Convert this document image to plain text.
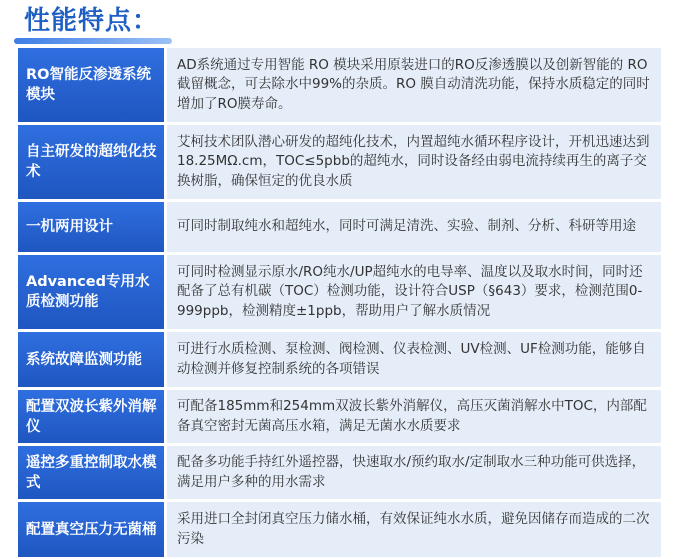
性能特点：
RO智能反渗透系统模块
AD系统通过专用智能 RO 模块采用原装进口的RO反渗透膜以及创新智能的 RO 截留概念，可去除水中99%的杂质。RO 膜自动清洗功能，保持水质稳定的同时增加了RO膜寿命。
自主研发的超纯化技术
艾柯技术团队潜心研发的超纯化技术，内置超纯水循环程序设计，开机迅速达到18.25MΩ.cm，TOC≤5pbb的超纯水，同时设备经由弱电流持续再生的离子交换树脂，确保恒定的优良水质
一机两用设计	可同时制取纯水和超纯水，同时可满足清洗、实验、制剂、分析、科研等用途
Advanced专用水质检测功能
可同时检测显示原水/RO纯水/UP超纯水的电导率、温度以及取水时间，同时还配备了总有机碳（TOC）检测功能，设计符合USP（§643）要求，检测范围0-999ppb，检测精度±1ppb，帮助用户了解水质情况
系统故障监测功能
可进行水质检测、泵检测、阀检测、仪表检测、UV检测、UF检测功能，能够自动检测并修复控制系统的各项错误
配置双波长紫外消解仪
可配备185mm和254mm双波长紫外消解仪，高压灭菌消解水中TOC，内部配备真空密封无菌高压水箱，满足无菌水水质要求
遥控多重控制取水模式
配备多功能手持红外遥控器，快速取水/预约取水/定制取水三种功能可供选择，满足用户多种的用水需求
配置真空压力无菌桶
采用进口全封闭真空压力储水桶，有效保证纯水水质，避免因储存而造成的二次污染
